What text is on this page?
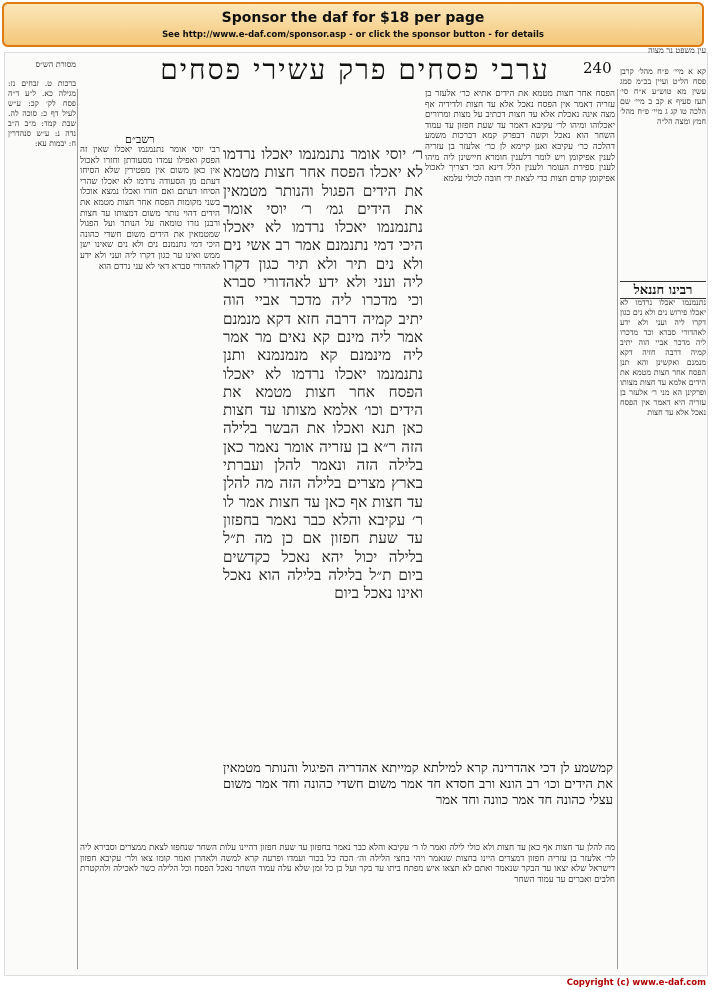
Sponsor the daf for $18 per page
See http://www.e-daf.com/sponsor.asp - or click the sponsor button - for details
240
ערבי פסחים פרק עשירי פסחים
מסורת הש״ס
עין משפט נר מצוה
קא א מיי׳ פ״ח מהל׳ קרבן פסח הל״ט ועיין בכ״מ סמג עשין מא טוש״ע א״ח סי׳ תעז סעיף א קב ב מיי׳ שם הלכה טו קג ג מיי׳ פ״ח מהל׳ חמץ ומצה הל״ה
רבינו חננאל
נתנמנמו יאכלו נרדמו לא יאכלו פירוש נים ולא נים כגון דקרו ליה ועני ולא ידע לאהדורי סברא וכד מדכרו ליה מדכר אביי הוה יתיב קמיה דרבה חזיה דקא מנמנם ואקשינן והא תנן הפסח אחר חצות מטמא את הידים אלמא עד חצות מצותו ופרקינן הא מני ר׳ אלעזר בן עזריה היא דאמר אין הפסח נאכל אלא עד חצות
ברכות ט. זבחים נז: מגילה כא. ל״ע ד״ה פסח לק׳ קכ: ע״ש לעיל דף כ: סוכה לה. שבת קמד: מ״ב ה״ב נדה נ: ע״ש סנהדרין ח: יבמות עא:
הפסח אחר חצות מטמא את הידים אתיא כר׳ אלעזר בן עזריה דאמר אין הפסח נאכל אלא עד חצות ולדידיה אף מצה אינה נאכלת אלא עד חצות דכתיב על מצות ומרורים יאכלוהו ומיהו לר׳ עקיבא דאמר עד שעת חפזון עד עמוד השחר הוא נאכל וקשה דבפרק קמא דברכות משמע דהלכה כר׳ עקיבא ואנן קיימא לן כר׳ אלעזר בן עזריה לענין אפיקומן ויש לומר דלענין חומרא חיישינן ליה מיהו לענין ספירת העומר ולענין הלל דינא הכי דצריך לאכול אפיקומן קודם חצות כדי לצאת ידי חובה לכולי עלמא
רשב״ם
רבי יוסי אומר נתנמנמו יאכלו שאין זה הפסק ואפילו עמדו מסעודתן וחזרו לאכול אין כאן משום אין מפטירין שלא הסיחו דעתם מן הסעודה נרדמו לא יאכלו שהרי הסיחו דעתם ואם חזרו ואכלו נמצא אוכלו בשני מקומות הפסח אחר חצות מטמא את הידים דהוי נותר משום דמצותו עד חצות ורבנן גזרו טומאה על הנותר ועל הפגול שמטמאין את הידים משום חשדי כהונה היכי דמי נתנמנם נים ולא נים שאינו ישן ממש ואינו ער כגון דקרו ליה ועני ולא ידע לאהדורי סברא דאי לא עני נרדם הוא
ר׳ יוסי אומר נתנמנמו יאכלו נרדמו לא יאכלו הפסח אחר חצות מטמא את הידים הפגול והנותר מטמאין את הידים גמ׳ ר׳ יוסי אומר נתנמנמו יאכלו נרדמו לא יאכלו היכי דמי נתנמנם אמר רב אשי נים ולא נים תיר ולא תיר כגון דקרו ליה ועני ולא ידע לאהדורי סברא וכי מדכרו ליה מדכר אביי הוה יתיב קמיה דרבה חזא דקא מנמנם אמר ליה מינם קא נאים מר אמר ליה מינמנם קא מנמנמנא ותנן נתנמנמו יאכלו נרדמו לא יאכלו הפסח אחר חצות מטמא את הידים וכו׳ אלמא מצותו עד חצות כאן תנא ואכלו את הבשר בלילה הזה ר״א בן עזריה אומר נאמר כאן בלילה הזה ונאמר להלן ועברתי בארץ מצרים בלילה הזה מה להלן עד חצות אף כאן עד חצות אמר לו ר׳ עקיבא והלא כבר נאמר בחפזון עד שעת חפזון אם כן מה ת״ל בלילה יכול יהא נאכל כקדשים ביום ת״ל בלילה בלילה הוא נאכל ואינו נאכל ביום
קמשמע לן דכי אהדרינה קרא למילתא קמייתא אהדריה הפיגול והנותר מטמאין את הידים וכו׳ רב הונא ורב חסדא חד אמר משום חשדי כהונה וחד אמר משום עצלי כהונה חד אמר כוונה וחד אמר
מה להלן עד חצות אף כאן עד חצות ולא כולי לילה ואמר לו ר׳ עקיבא והלא כבר נאמר בחפזון עד שעת חפזון דהיינו עלות השחר שנחפזו לצאת ממצרים וסבירא ליה לר׳ אלעזר בן עזריה חפזון דמצרים היינו בחצות שנאמר ויהי בחצי הלילה וה׳ הכה כל בכור ועמדו ופרעה קרא למשה ולאהרן ואמר קומו צאו ולר׳ עקיבא חפזון דישראל שלא יצאו עד הבקר שנאמר ואתם לא תצאו איש מפתח ביתו עד בקר ועל כן כל זמן שלא עלה עמוד השחר נאכל הפסח וכל הלילה כשר לאכילה ולהקטרת חלבים ואברים עד עמוד השחר
Copyright (c) www.e-daf.com
